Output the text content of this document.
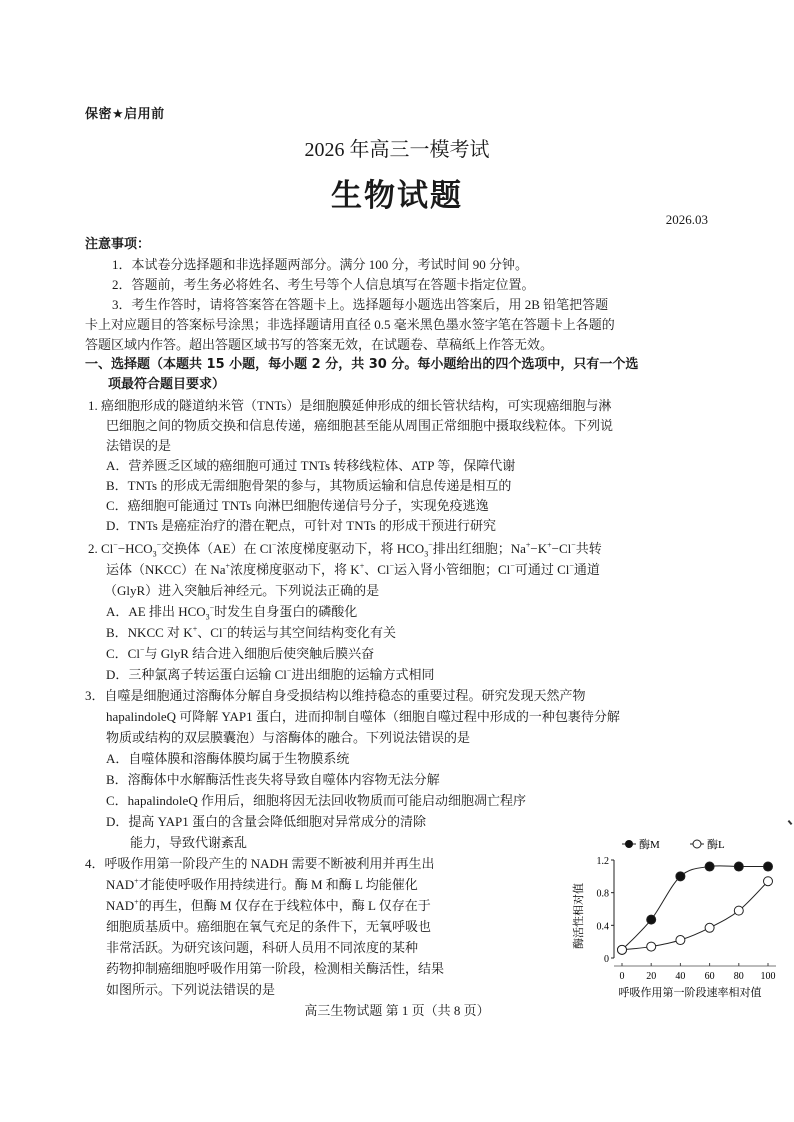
保密★启用前
2026 年高三一模考试
生物试题
2026.03
注意事项：
1．本试卷分选择题和非选择题两部分。满分 100 分，考试时间 90 分钟。
2．答题前，考生务必将姓名、考生号等个人信息填写在答题卡指定位置。
3．考生作答时，请将答案答在答题卡上。选择题每小题选出答案后，用 2B 铅笔把答题
卡上对应题目的答案标号涂黑；非选择题请用直径 0.5 毫米黑色墨水签字笔在答题卡上各题的
答题区域内作答。超出答题区域书写的答案无效，在试题卷、草稿纸上作答无效。
一、选择题（本题共 15 小题，每小题 2 分，共 30 分。每小题给出的四个选项中，只有一个选
项最符合题目要求）
1. 癌细胞形成的隧道纳米管（TNTs）是细胞膜延伸形成的细长管状结构，可实现癌细胞与淋
巴细胞之间的物质交换和信息传递，癌细胞甚至能从周围正常细胞中摄取线粒体。下列说
法错误的是
A．营养匮乏区域的癌细胞可通过 TNTs 转移线粒体、ATP 等，保障代谢
B．TNTs 的形成无需细胞骨架的参与，其物质运输和信息传递是相互的
C．癌细胞可能通过 TNTs 向淋巴细胞传递信号分子，实现免疫逃逸
D．TNTs 是癌症治疗的潜在靶点，可针对 TNTs 的形成干预进行研究
2. $Cl^--HCO_3^-$交换体（AE）在 Cl−浓度梯度驱动下，将 $HCO_3^-$排出红细胞；Na+−K+−Cl−共转
运体（NKCC）在 Na+浓度梯度驱动下，将 K+、Cl−运入肾小管细胞；Cl−可通过 Cl−通道
（GlyR）进入突触后神经元。下列说法正确的是
A．AE 排出 $HCO_3^-$时发生自身蛋白的磷酸化
B．NKCC 对 K+、Cl−的转运与其空间结构变化有关
C．Cl−与 GlyR 结合进入细胞后使突触后膜兴奋
D．三种氯离子转运蛋白运输 Cl−进出细胞的运输方式相同
3．自噬是细胞通过溶酶体分解自身受损结构以维持稳态的重要过程。研究发现天然产物
hapalindoleQ 可降解 YAP1 蛋白，进而抑制自噬体（细胞自噬过程中形成的一种包裹待分解
物质或结构的双层膜囊泡）与溶酶体的融合。下列说法错误的是
A．自噬体膜和溶酶体膜均属于生物膜系统
B．溶酶体中水解酶活性丧失将导致自噬体内容物无法分解
C．hapalindoleQ 作用后，细胞将因无法回收物质而可能启动细胞凋亡程序
D．提高 YAP1 蛋白的含量会降低细胞对异常成分的清除
能力，导致代谢紊乱
4．呼吸作用第一阶段产生的 NADH 需要不断被利用并再生出
NAD+才能使呼吸作用持续进行。酶 M 和酶 L 均能催化
NAD+的再生，但酶 M 仅存在于线粒体中，酶 L 仅存在于
细胞质基质中。癌细胞在氧气充足的条件下，无氧呼吸也
非常活跃。为研究该问题，科研人员用不同浓度的某种
药物抑制癌细胞呼吸作用第一阶段，检测相关酶活性，结果
如图所示。下列说法错误的是
酶M	酶L
0
0.4
0.8
1.2
0 20 40 60 80 100
呼吸作用第一阶段速率相对值
酶活性相对值
高三生物试题 第 1 页（共 8 页）
